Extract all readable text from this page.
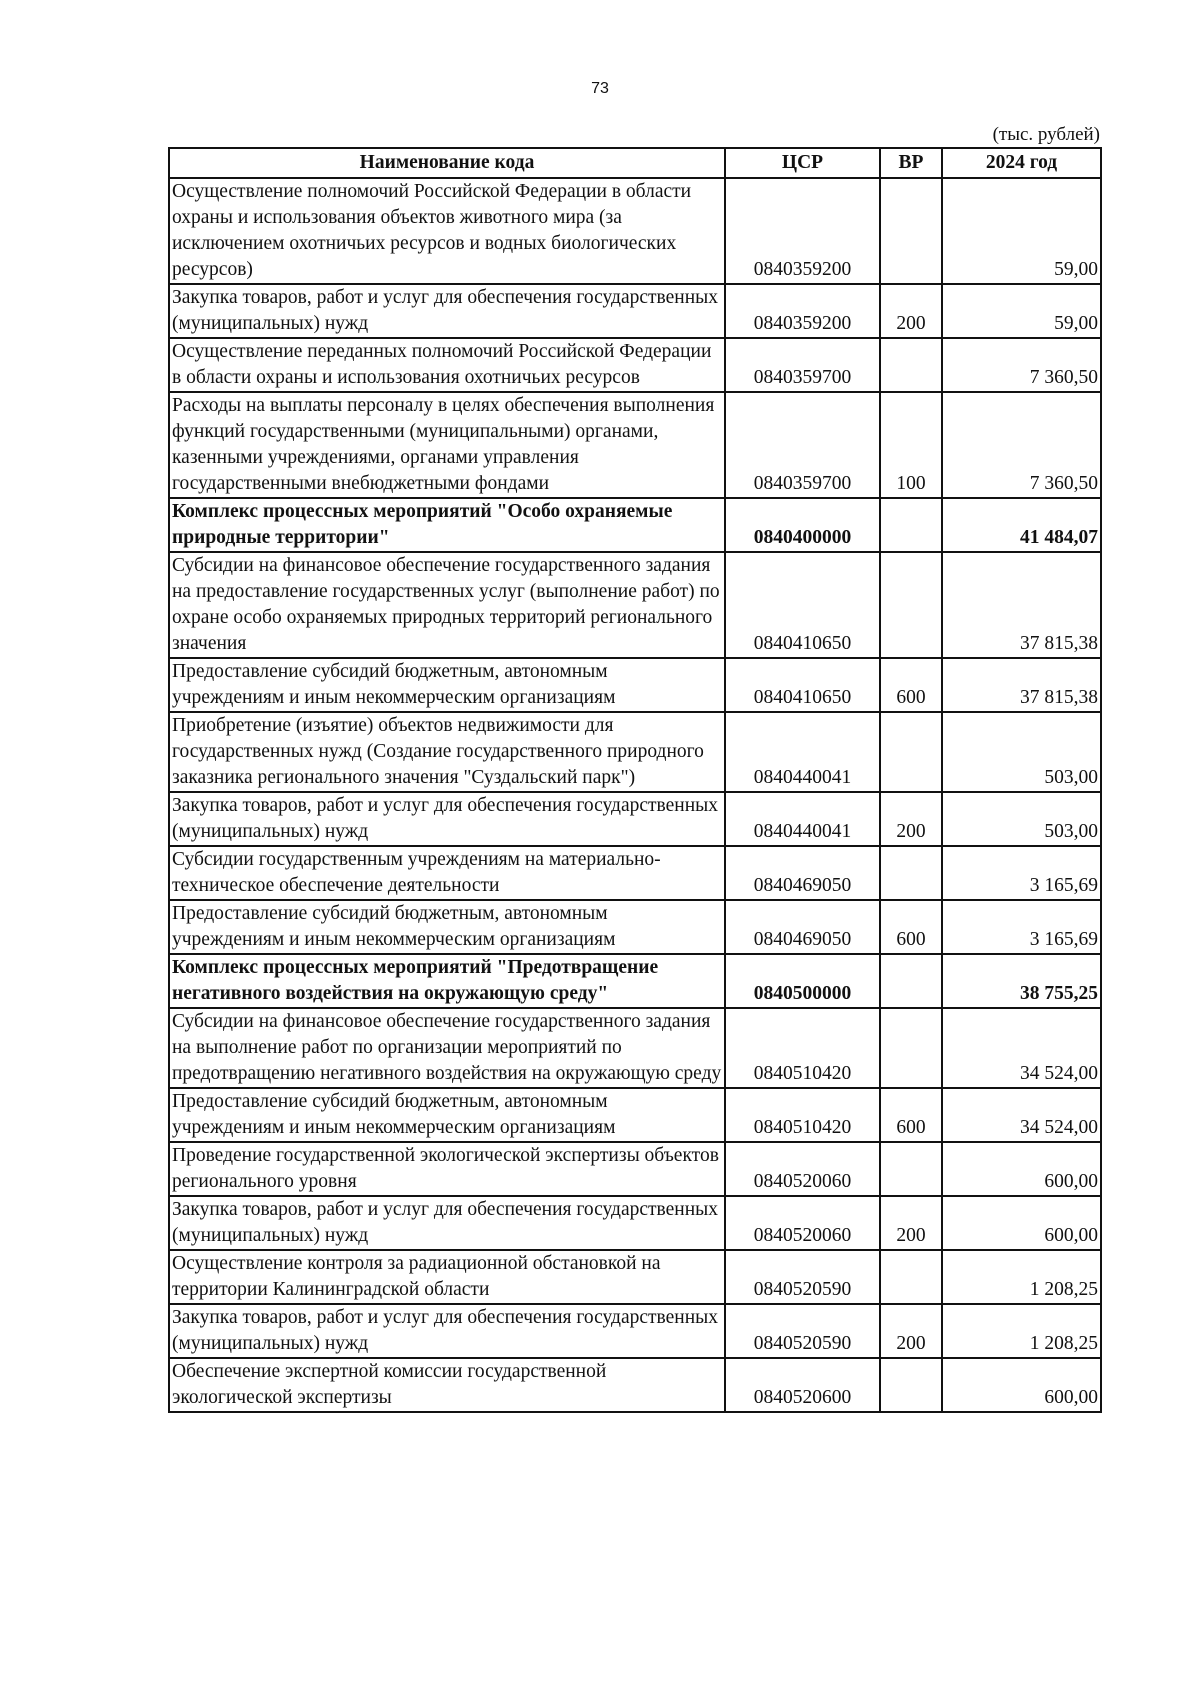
73
(тыс. рублей)
Наименование кода	ЦСР	ВР	2024 год
Осуществление полномочий Российской Федерации в области охраны и использования объектов животного мира (за исключением охотничьих ресурсов и водных биологических ресурсов)	0840359200		59,00
Закупка товаров, работ и услуг для обеспечения государственных (муниципальных) нужд	0840359200	200	59,00
Осуществление переданных полномочий Российской Федерации в области охраны и использования охотничьих ресурсов	0840359700		7 360,50
Расходы на выплаты персоналу в целях обеспечения выполнения функций государственными (муниципальными) органами, казенными учреждениями, органами управления государственными внебюджетными фондами	0840359700	100	7 360,50
Комплекс процессных мероприятий "Особо охраняемые природные территории"	0840400000		41 484,07
Субсидии на финансовое обеспечение государственного задания на предоставление государственных услуг (выполнение работ) по охране особо охраняемых природных территорий регионального значения	0840410650		37 815,38
Предоставление субсидий бюджетным, автономным учреждениям и иным некоммерческим организациям	0840410650	600	37 815,38
Приобретение (изъятие) объектов недвижимости для государственных нужд (Создание государственного природного заказника регионального значения "Суздальский парк")	0840440041		503,00
Закупка товаров, работ и услуг для обеспечения государственных (муниципальных) нужд	0840440041	200	503,00
Субсидии государственным учреждениям на материально-техническое обеспечение деятельности	0840469050		3 165,69
Предоставление субсидий бюджетным, автономным учреждениям и иным некоммерческим организациям	0840469050	600	3 165,69
Комплекс процессных мероприятий "Предотвращение негативного воздействия на окружающую среду"	0840500000		38 755,25
Субсидии на финансовое обеспечение государственного задания на выполнение работ по организации мероприятий по предотвращению негативного воздействия на окружающую среду	0840510420		34 524,00
Предоставление субсидий бюджетным, автономным учреждениям и иным некоммерческим организациям	0840510420	600	34 524,00
Проведение государственной экологической экспертизы объектов регионального уровня	0840520060		600,00
Закупка товаров, работ и услуг для обеспечения государственных (муниципальных) нужд	0840520060	200	600,00
Осуществление контроля за радиационной обстановкой на территории Калининградской области	0840520590		1 208,25
Закупка товаров, работ и услуг для обеспечения государственных (муниципальных) нужд	0840520590	200	1 208,25
Обеспечение экспертной комиссии государственной экологической экспертизы	0840520600		600,00
